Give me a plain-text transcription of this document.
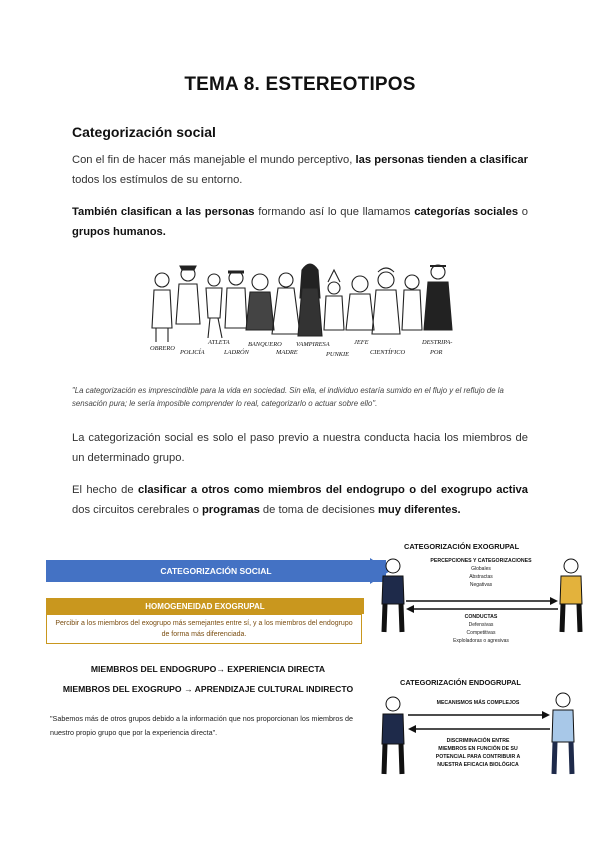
TEMA 8. ESTEREOTIPOS
Categorización social
Con el fin de hacer más manejable el mundo perceptivo, las personas tienden a clasificar todos los estímulos de su entorno.
También clasifican a las personas formando así lo que llamamos categorías sociales o grupos humanos.
OBRERO
POLICÍA
ATLETA
LADRÓN
BANQUERO
MADRE
VAMPIRESA
PUNKIE
JEFE
CIENTÍFICO
DESTRIPA-
POR
"La categorización es imprescindible para la vida en sociedad. Sin ella, el individuo estaría sumido en el flujo y el reflujo de la sensación pura; le sería imposible comprender lo real, categorizarlo o actuar sobre ello".
La categorización social es solo el paso previo a nuestra conducta hacia los miembros de un determinado grupo.
El hecho de clasificar a otros como miembros del endogrupo o del exogrupo activa dos circuitos cerebrales o programas de toma de decisiones muy diferentes.
CATEGORIZACIÓN SOCIAL
HOMOGENEIDAD EXOGRUPAL
Percibir a los miembros del exogrupo más semejantes entre sí, y a los miembros del endogrupo de forma más diferenciada.
MIEMBROS DEL ENDOGRUPO→ EXPERIENCIA DIRECTA
MIEMBROS DEL EXOGRUPO → APRENDIZAJE CULTURAL INDIRECTO
"Sabemos más de otros grupos debido a la información que nos proporcionan los miembros de nuestro propio grupo que por la experiencia directa".
CATEGORIZACIÓN EXOGRUPAL
PERCEPCIONES Y CATEGORIZACIONES
Globales
Abstractas
Negativas
CONDUCTAS
Defensivas
Competitivas
Exploladoras o agresivas
CATEGORIZACIÓN ENDOGRUPAL
MECANISMOS MÁS COMPLEJOS
DISCRIMINACIÓN ENTRE
MIEMBROS EN FUNCIÓN DE SU
POTENCIAL PARA CONTRIBUIR A
NUESTRA EFICACIA BIOLÓGICA
